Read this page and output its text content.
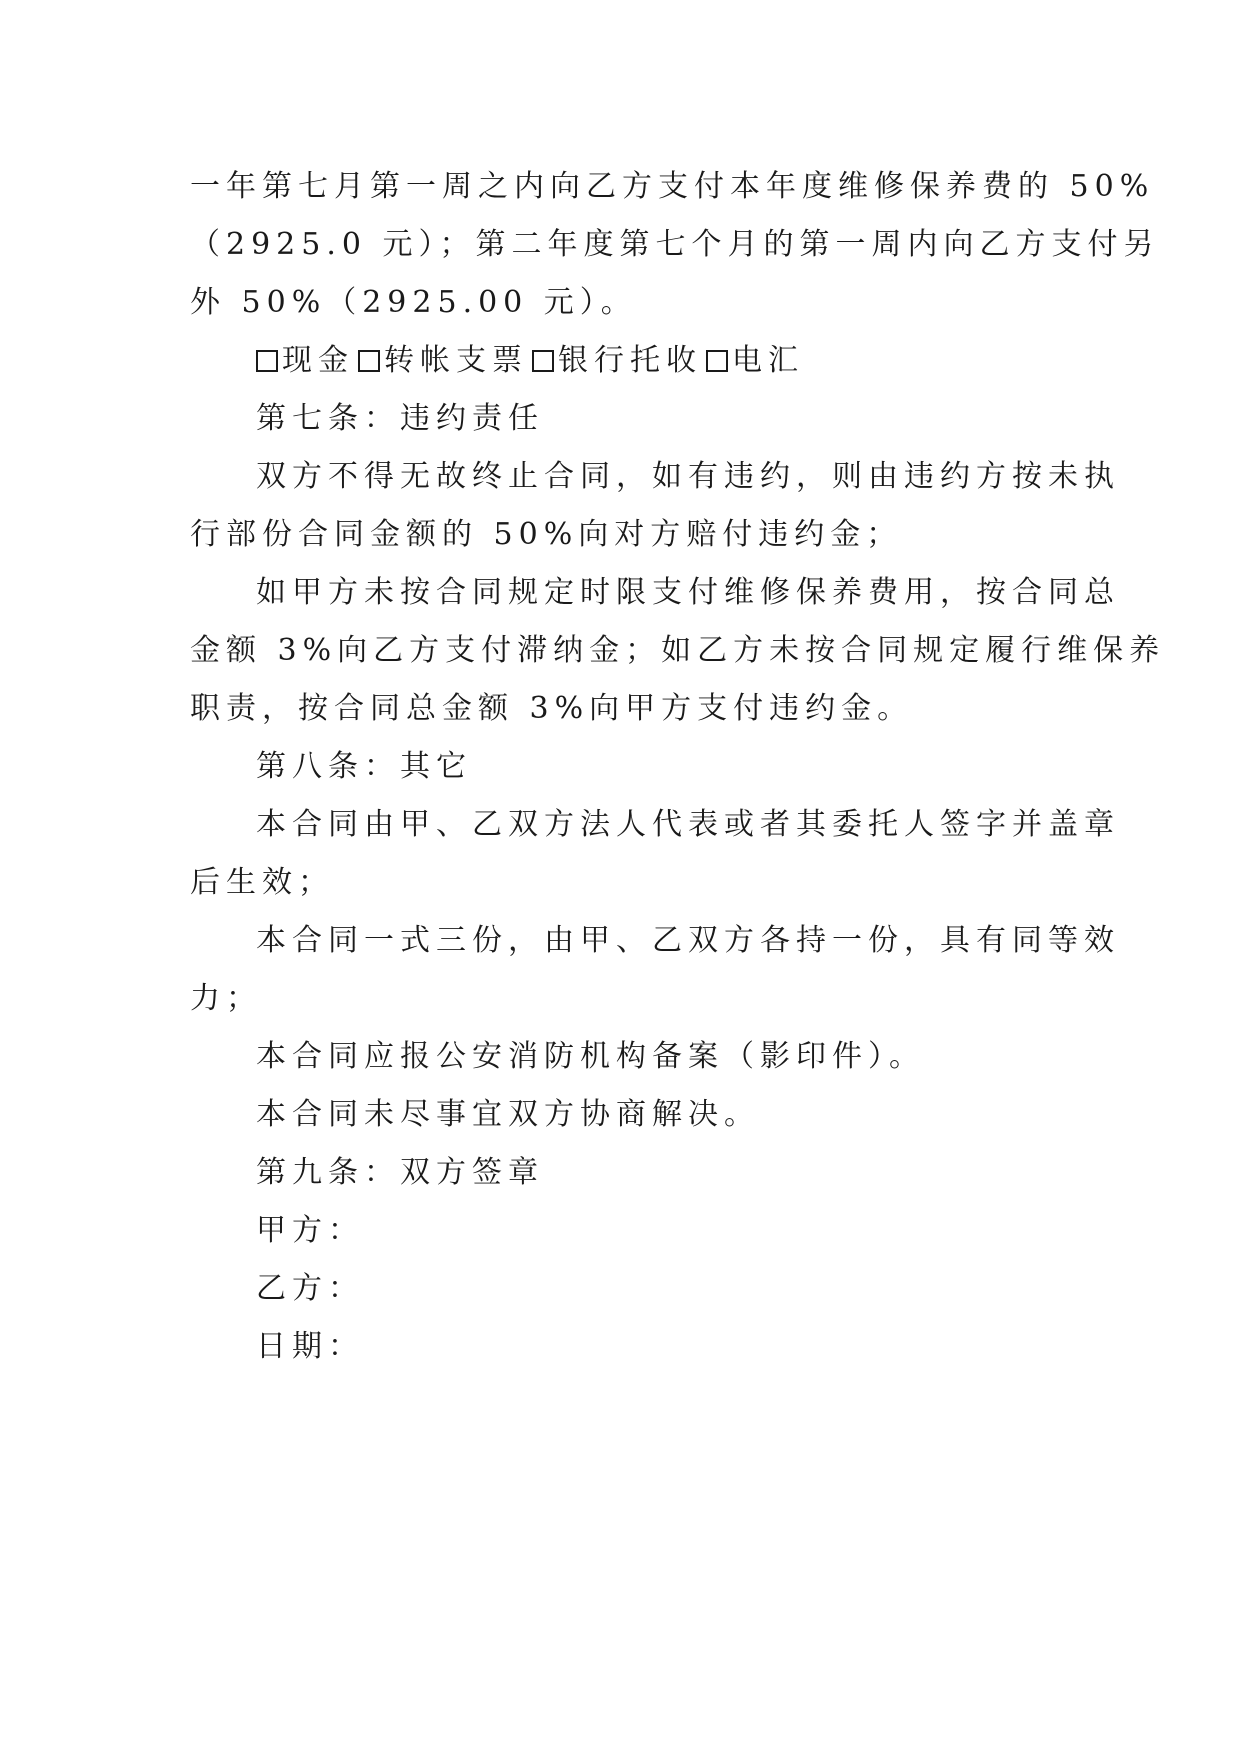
一年第七月第一周之内向乙方支付本年度维修保养费的 50%
（2925.0 元）；第二年度第七个月的第一周内向乙方支付另
外 50%（2925.00 元）。
现金 转帐支票 银行托收 电汇
第七条：违约责任
双方不得无故终止合同，如有违约，则由违约方按未执
行部份合同金额的 50%向对方赔付违约金；
如甲方未按合同规定时限支付维修保养费用，按合同总
金额 3%向乙方支付滞纳金；如乙方未按合同规定履行维保养
职责，按合同总金额 3%向甲方支付违约金。
第八条：其它
本合同由甲、乙双方法人代表或者其委托人签字并盖章
后生效；
本合同一式三份，由甲、乙双方各持一份，具有同等效
力；
本合同应报公安消防机构备案（影印件）。
本合同未尽事宜双方协商解决。
第九条：双方签章
甲方：
乙方：
日期：
